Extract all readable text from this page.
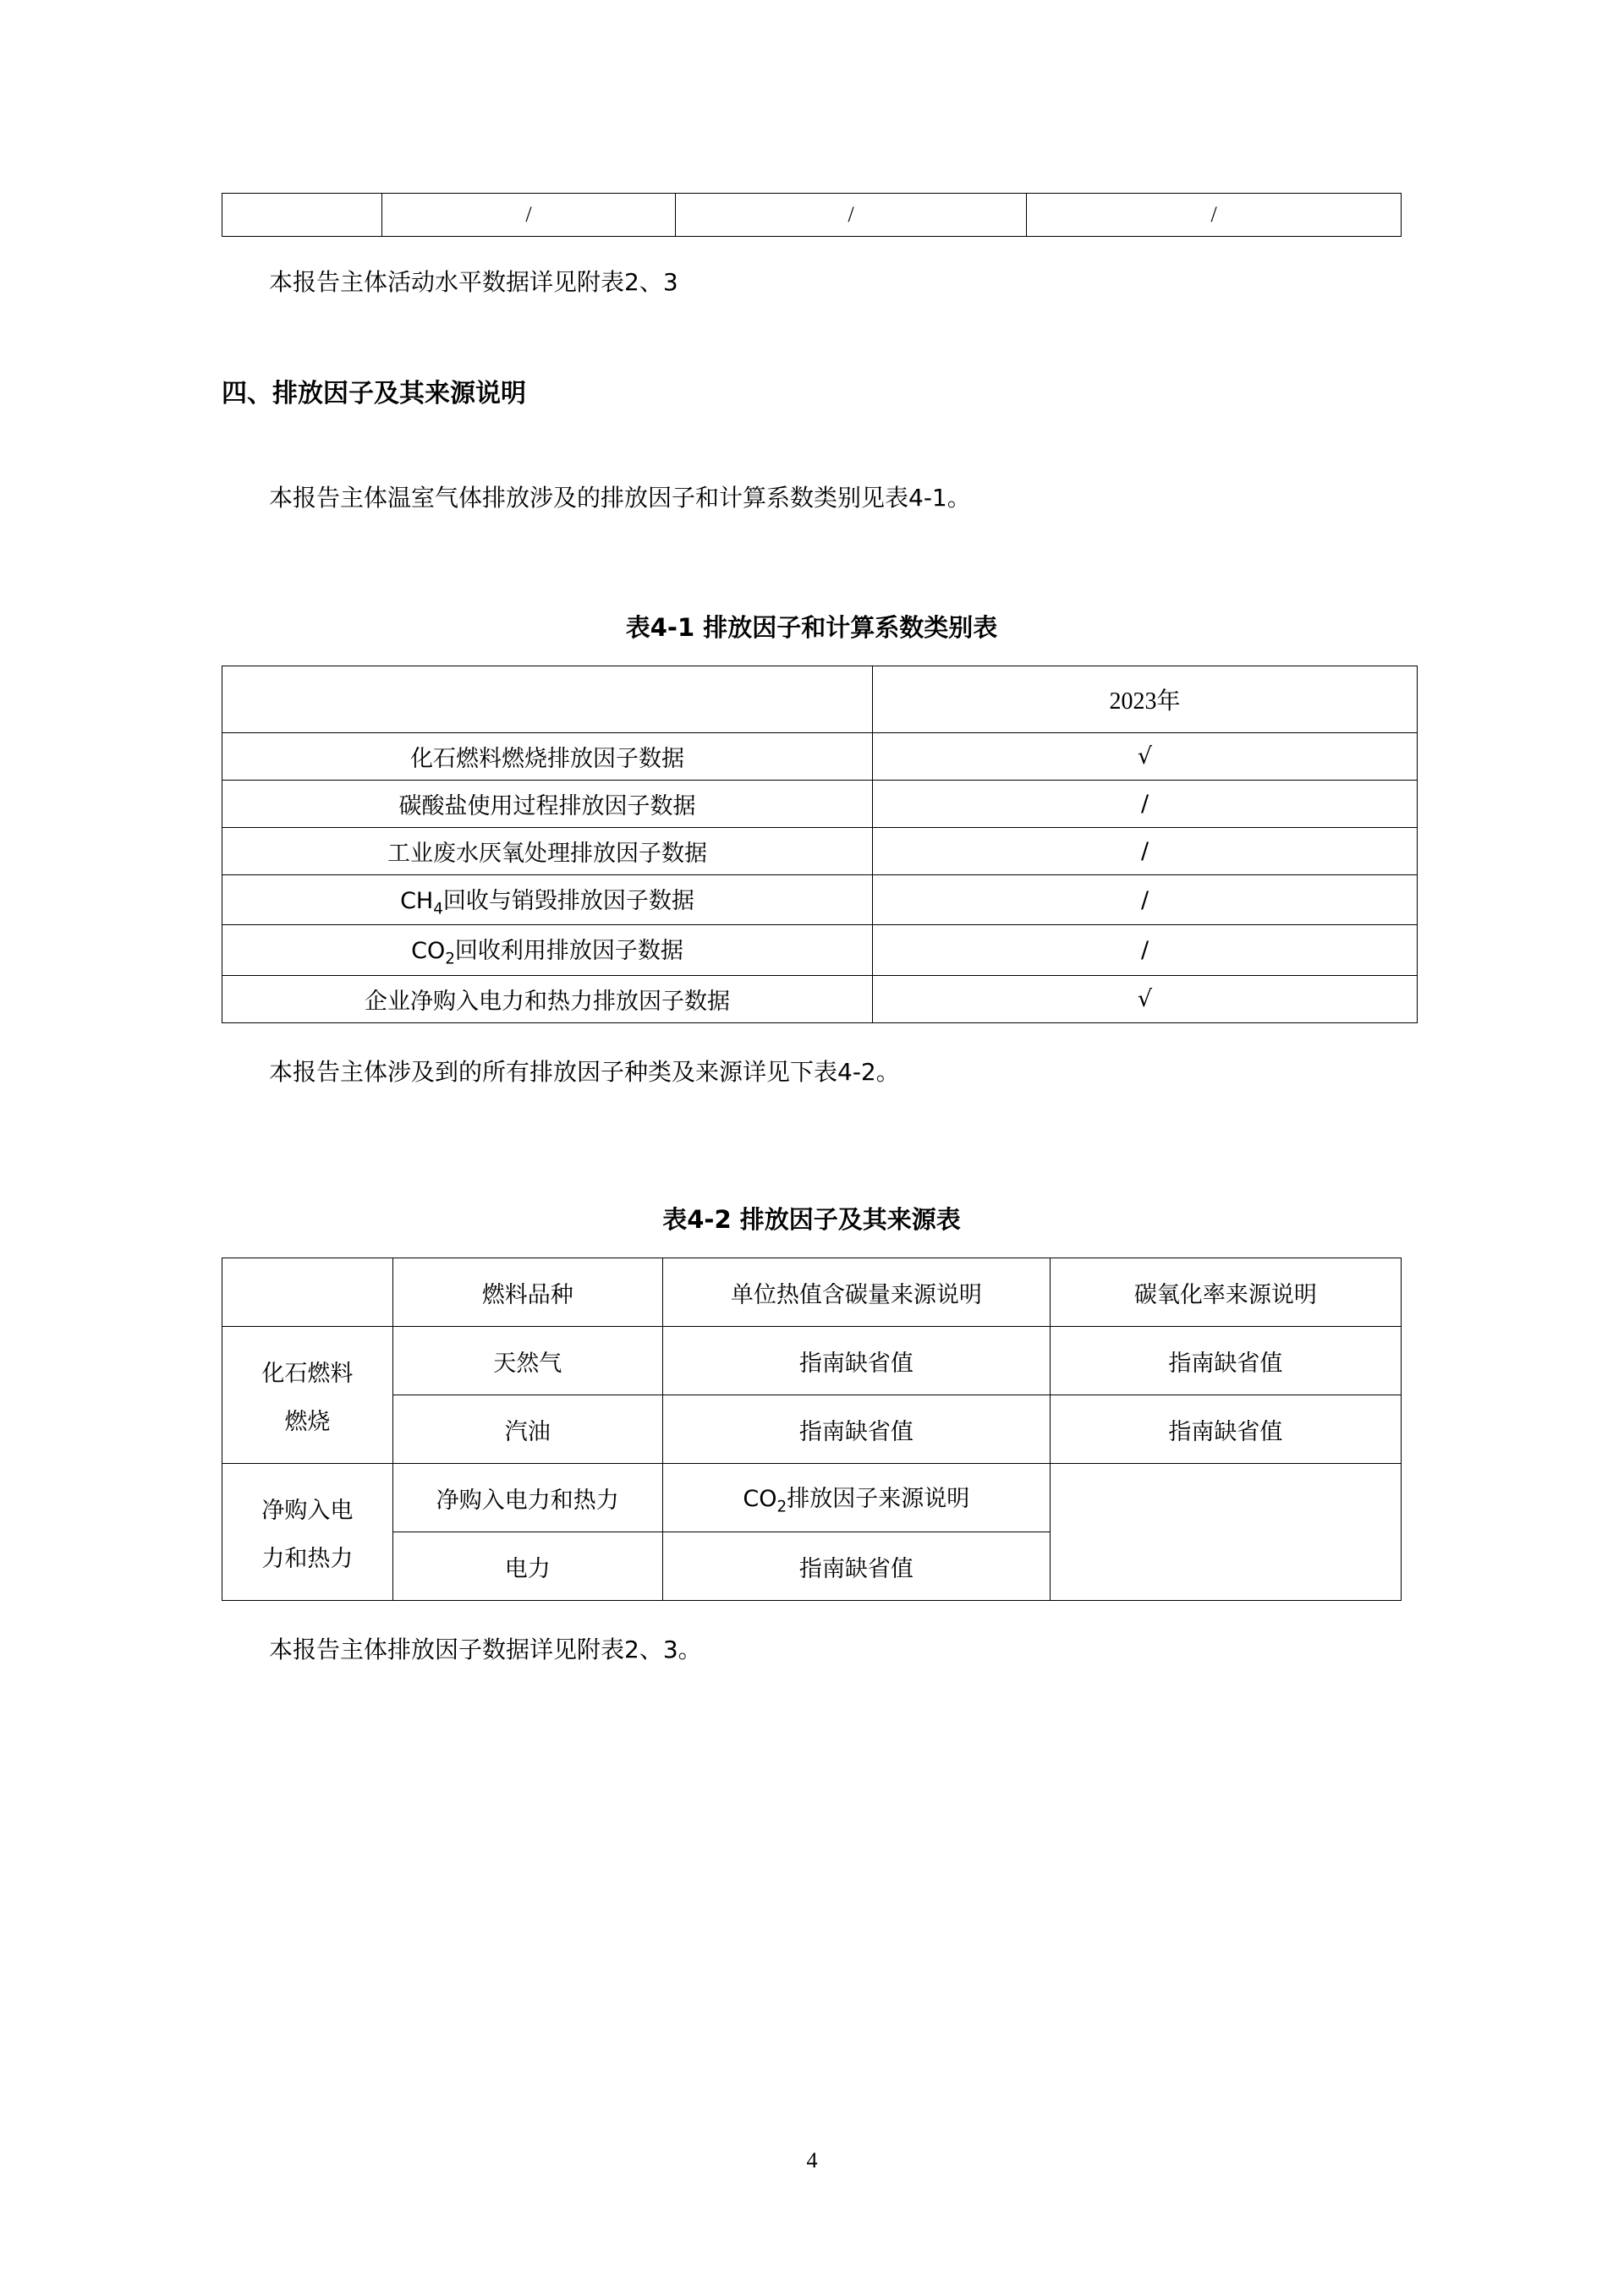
	/	/	/
本报告主体活动水平数据详见附表2、3
四、排放因子及其来源说明
本报告主体温室气体排放涉及的排放因子和计算系数类别见表4-1。
表4-1 排放因子和计算系数类别表
	2023年
化石燃料燃烧排放因子数据	√
碳酸盐使用过程排放因子数据	/
工业废水厌氧处理排放因子数据	/
$CH_4$回收与销毁排放因子数据	/
$CO_2$回收利用排放因子数据	/
企业净购入电力和热力排放因子数据	√
本报告主体涉及到的所有排放因子种类及来源详见下表4-2。
表4-2 排放因子及其来源表
	燃料品种	单位热值含碳量来源说明	碳氧化率来源说明

化石燃料
燃烧	天然气	指南缺省值	指南缺省值
	汽油	指南缺省值	指南缺省值

净购入电
力和热力	净购入电力和热力	$CO_2$排放因子来源说明	
	电力	指南缺省值	
本报告主体排放因子数据详见附表2、3。
4
